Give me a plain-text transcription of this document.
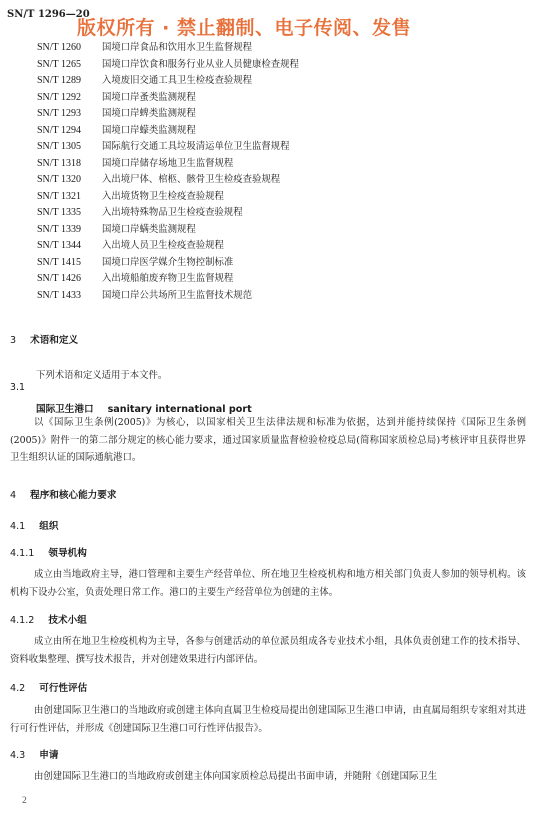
SN/T 1296—20
版权所有 · 禁止翻制、电子传阅、发售
SN/T 1260	国境口岸食品和饮用水卫生监督规程
SN/T 1265	国境口岸饮食和服务行业从业人员健康检查规程
SN/T 1289	入境废旧交通工具卫生检疫查验规程
SN/T 1292	国境口岸蚤类监测规程
SN/T 1293	国境口岸蜱类监测规程
SN/T 1294	国境口岸蠓类监测规程
SN/T 1305	国际航行交通工具垃圾清运单位卫生监督规程
SN/T 1318	国境口岸储存场地卫生监督规程
SN/T 1320	入出境尸体、棺柩、骸骨卫生检疫查验规程
SN/T 1321	入出境货物卫生检疫查验规程
SN/T 1335	入出境特殊物品卫生检疫查验规程
SN/T 1339	国境口岸螨类监测规程
SN/T 1344	入出境人员卫生检疫查验规程
SN/T 1415	国境口岸医学媒介生物控制标准
SN/T 1426	入出境船舶废弃物卫生监督规程
SN/T 1433	国境口岸公共场所卫生监督技术规范
3 术语和定义
下列术语和定义适用于本文件。
3.1
国际卫生港口 sanitary international port
以《国际卫生条例(2005)》为核心，以国家相关卫生法律法规和标准为依据，达到并能持续保持《国际卫生条例(2005)》附件一的第二部分规定的核心能力要求，通过国家质量监督检验检疫总局(简称国家质检总局)考核评审且获得世界卫生组织认证的国际通航港口。
4 程序和核心能力要求
4.1 组织
4.1.1 领导机构
成立由当地政府主导，港口管理和主要生产经营单位、所在地卫生检疫机构和地方相关部门负责人参加的领导机构。该机构下设办公室，负责处理日常工作。港口的主要生产经营单位为创建的主体。
4.1.2 技术小组
成立由所在地卫生检疫机构为主导，各参与创建活动的单位派员组成各专业技术小组，具体负责创建工作的技术指导、资料收集整理、撰写技术报告，并对创建效果进行内部评估。
4.2 可行性评估
由创建国际卫生港口的当地政府或创建主体向直属卫生检疫局提出创建国际卫生港口申请，由直属局组织专家组对其进行可行性评估，并形成《创建国际卫生港口可行性评估报告》。
4.3 申请
由创建国际卫生港口的当地政府或创建主体向国家质检总局提出书面申请，并随附《创建国际卫生
2
